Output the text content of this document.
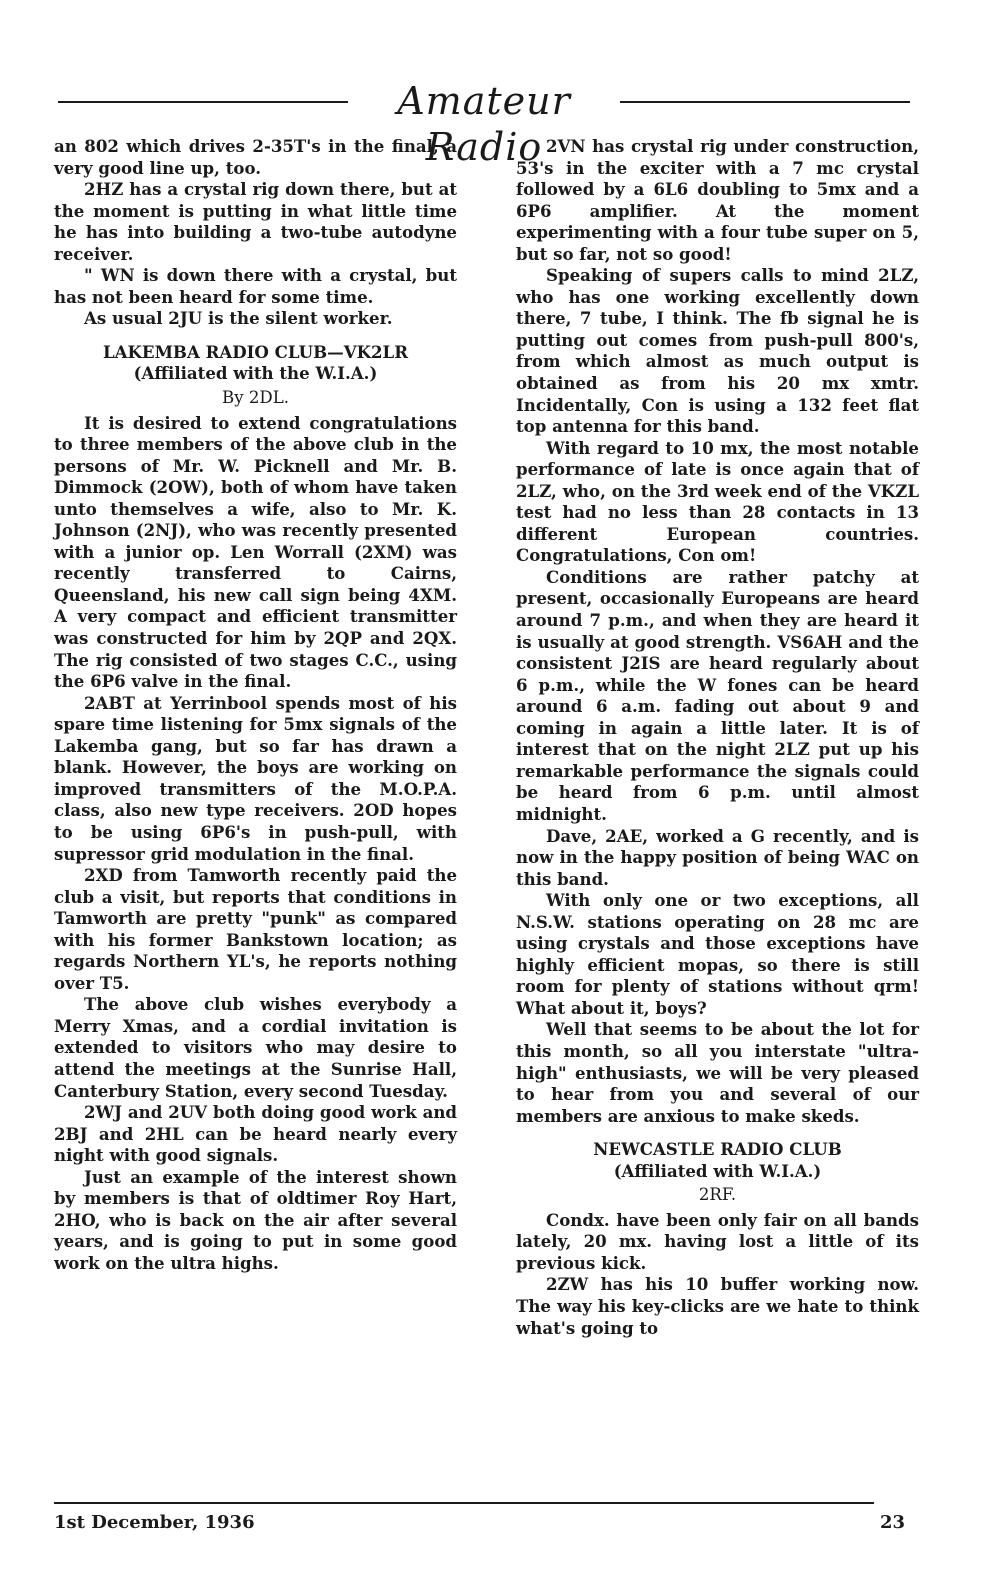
Amateur Radio

an 802 which drives 2-35T's in the final, a very good line up, too.

2HZ has a crystal rig down there, but at the moment is putting in what little time he has into building a two-tube autodyne receiver.

" WN is down there with a crystal, but has not been heard for some time.

As usual 2JU is the silent worker.

LAKEMBA RADIO CLUB—VK2LR
(Affiliated with the W.I.A.)
By 2DL.

It is desired to extend congratulations to three members of the above club in the persons of Mr. W. Picknell and Mr. B. Dimmock (2OW), both of whom have taken unto themselves a wife, also to Mr. K. Johnson (2NJ), who was recently presented with a junior op. Len Worrall (2XM) was recently transferred to Cairns, Queensland, his new call sign being 4XM. A very compact and efficient transmitter was constructed for him by 2QP and 2QX. The rig consisted of two stages C.C., using the 6P6 valve in the final.

2ABT at Yerrinbool spends most of his spare time listening for 5mx signals of the Lakemba gang, but so far has drawn a blank. However, the boys are working on improved transmitters of the M.O.P.A. class, also new type receivers. 2OD hopes to be using 6P6's in push-pull, with supressor grid modulation in the final.

2XD from Tamworth recently paid the club a visit, but reports that conditions in Tamworth are pretty "punk" as compared with his former Bankstown location; as regards Northern YL's, he reports nothing over T5.

The above club wishes everybody a Merry Xmas, and a cordial invitation is extended to visitors who may desire to attend the meetings at the Sunrise Hall, Canterbury Station, every second Tuesday.

2WJ and 2UV both doing good work and 2BJ and 2HL can be heard nearly every night with good signals.

Just an example of the interest shown by members is that of oldtimer Roy Hart, 2HO, who is back on the air after several years, and is going to put in some good work on the ultra highs.

2VN has crystal rig under construction, 53's in the exciter with a 7 mc crystal followed by a 6L6 doubling to 5mx and a 6P6 amplifier. At the moment experimenting with a four tube super on 5, but so far, not so good!

Speaking of supers calls to mind 2LZ, who has one working excellently down there, 7 tube, I think. The fb signal he is putting out comes from push-pull 800's, from which almost as much output is obtained as from his 20 mx xmtr. Incidentally, Con is using a 132 feet flat top antenna for this band.

With regard to 10 mx, the most notable performance of late is once again that of 2LZ, who, on the 3rd week end of the VKZL test had no less than 28 contacts in 13 different European countries. Congratulations, Con om!

Conditions are rather patchy at present, occasionally Europeans are heard around 7 p.m., and when they are heard it is usually at good strength. VS6AH and the consistent J2IS are heard regularly about 6 p.m., while the W fones can be heard around 6 a.m. fading out about 9 and coming in again a little later. It is of interest that on the night 2LZ put up his remarkable performance the signals could be heard from 6 p.m. until almost midnight.

Dave, 2AE, worked a G recently, and is now in the happy position of being WAC on this band.

With only one or two exceptions, all N.S.W. stations operating on 28 mc are using crystals and those exceptions have highly efficient mopas, so there is still room for plenty of stations without qrm! What about it, boys?

Well that seems to be about the lot for this month, so all you interstate "ultra-high" enthusiasts, we will be very pleased to hear from you and several of our members are anxious to make skeds.

NEWCASTLE RADIO CLUB
(Affiliated with W.I.A.)
2RF.

Condx. have been only fair on all bands lately, 20 mx. having lost a little of its previous kick.

2ZW has his 10 buffer working now. The way his key-clicks are we hate to think what's going to

1st December, 1936	23
